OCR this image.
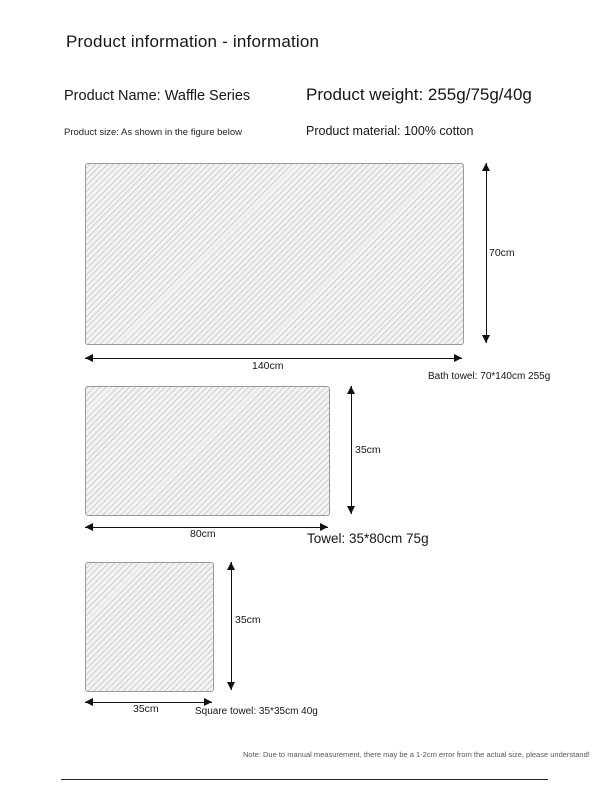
Product information - information
Product Name: Waffle Series	Product weight: 255g/75g/40g
Product size: As shown in the figure below	Product material: 100% cotton
70cm
140cm
Bath towel: 70*140cm 255g
35cm
80cm	Towel: 35*80cm 75g
35cm
35cm	Square towel: 35*35cm 40g
Note: Due to manual measurement, there may be a 1-2cm error from the actual size, please understand!
